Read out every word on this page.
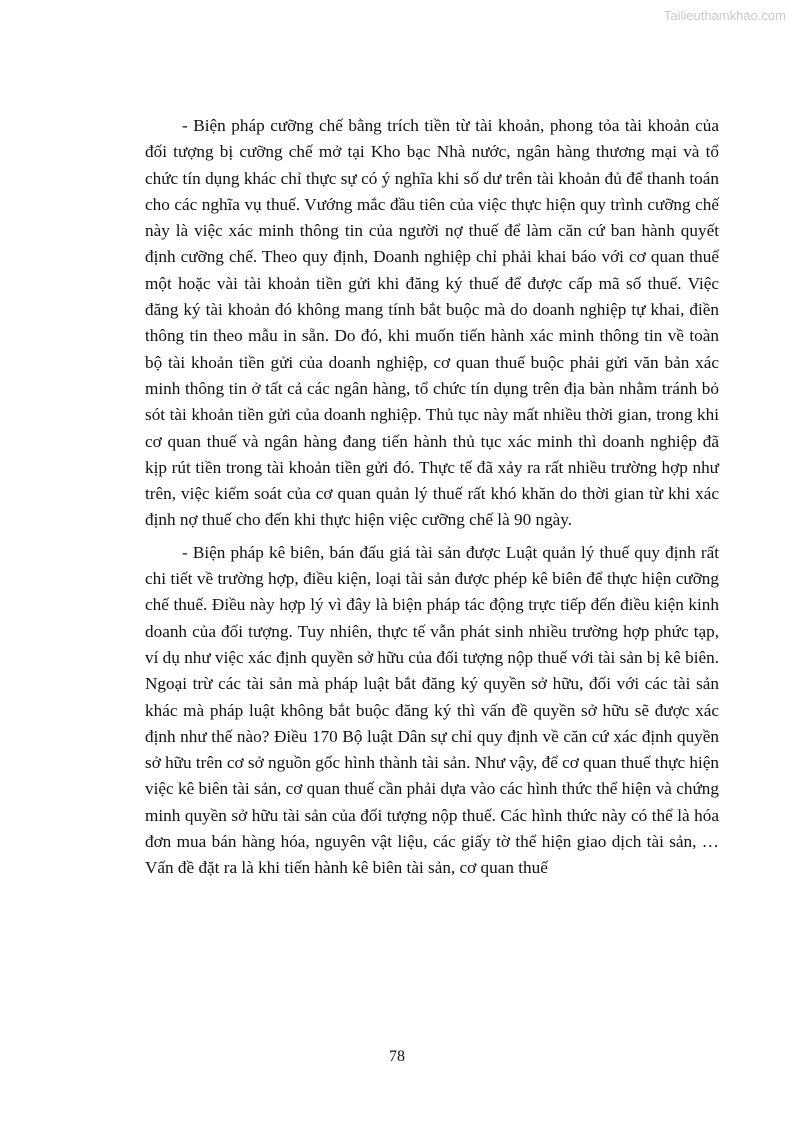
Tailieuthamkhao.com

- Biện pháp cưỡng chế bằng trích tiền từ tài khoản, phong tỏa tài khoản của đối tượng bị cưỡng chế mở tại Kho bạc Nhà nước, ngân hàng thương mại và tổ chức tín dụng khác chỉ thực sự có ý nghĩa khi số dư trên tài khoản đủ để thanh toán cho các nghĩa vụ thuế. Vướng mắc đầu tiên của việc thực hiện quy trình cưỡng chế này là việc xác minh thông tin của người nợ thuế để làm căn cứ ban hành quyết định cưỡng chế. Theo quy định, Doanh nghiệp chỉ phải khai báo với cơ quan thuế một hoặc vài tài khoản tiền gửi khi đăng ký thuế để được cấp mã số thuế. Việc đăng ký tài khoản đó không mang tính bắt buộc mà do doanh nghiệp tự khai, điền thông tin theo mẫu in sẵn. Do đó, khi muốn tiến hành xác minh thông tin về toàn bộ tài khoản tiền gửi của doanh nghiệp, cơ quan thuế buộc phải gửi văn bản xác minh thông tin ở tất cả các ngân hàng, tổ chức tín dụng trên địa bàn nhằm tránh bỏ sót tài khoản tiền gửi của doanh nghiệp. Thủ tục này mất nhiều thời gian, trong khi cơ quan thuế và ngân hàng đang tiến hành thủ tục xác minh thì doanh nghiệp đã kịp rút tiền trong tài khoản tiền gửi đó. Thực tế đã xảy ra rất nhiều trường hợp như trên, việc kiểm soát của cơ quan quản lý thuế rất khó khăn do thời gian từ khi xác định nợ thuế cho đến khi thực hiện việc cưỡng chế là 90 ngày.

- Biện pháp kê biên, bán đấu giá tài sản được Luật quản lý thuế quy định rất chi tiết về trường hợp, điều kiện, loại tài sản được phép kê biên để thực hiện cưỡng chế thuế. Điều này hợp lý vì đây là biện pháp tác động trực tiếp đến điều kiện kinh doanh của đối tượng. Tuy nhiên, thực tế vẫn phát sinh nhiều trường hợp phức tạp, ví dụ như việc xác định quyền sở hữu của đối tượng nộp thuế với tài sản bị kê biên. Ngoại trừ các tài sản mà pháp luật bắt đăng ký quyền sở hữu, đối với các tài sản khác mà pháp luật không bắt buộc đăng ký thì vấn đề quyền sở hữu sẽ được xác định như thế nào? Điều 170 Bộ luật Dân sự chỉ quy định về căn cứ xác định quyền sở hữu trên cơ sở nguồn gốc hình thành tài sản. Như vậy, để cơ quan thuế thực hiện việc kê biên tài sản, cơ quan thuế cần phải dựa vào các hình thức thể hiện và chứng minh quyền sở hữu tài sản của đối tượng nộp thuế. Các hình thức này có thể là hóa đơn mua bán hàng hóa, nguyên vật liệu, các giấy tờ thể hiện giao dịch tài sản, … Vấn đề đặt ra là khi tiến hành kê biên tài sản, cơ quan thuế

78
